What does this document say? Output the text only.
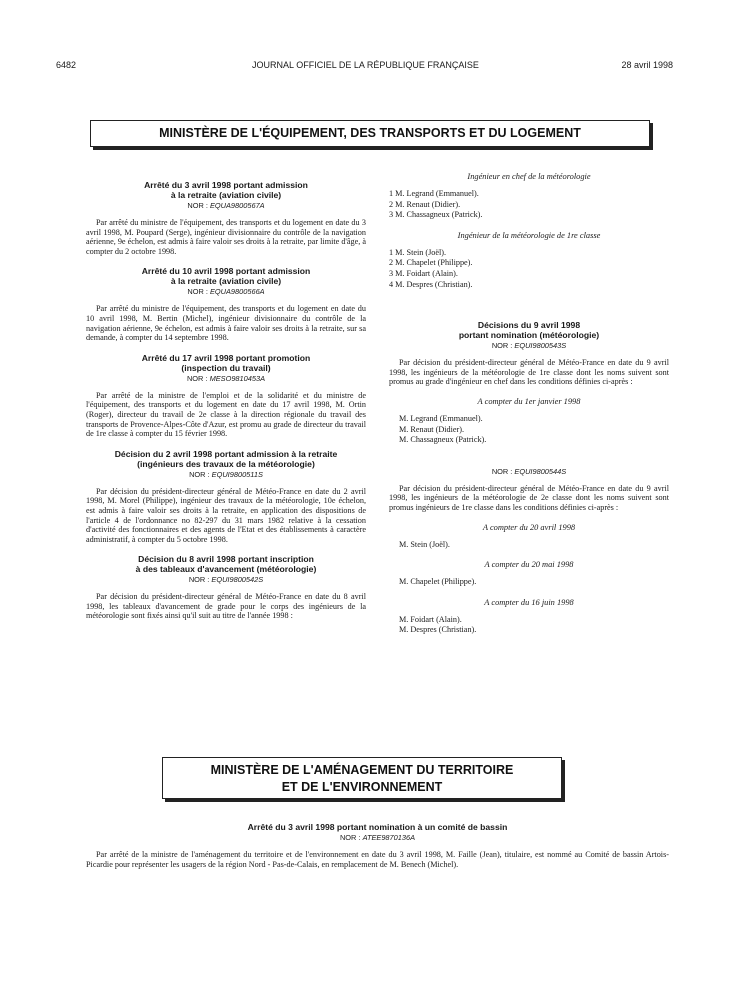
6482	JOURNAL OFFICIEL DE LA RÉPUBLIQUE FRANÇAISE	28 avril 1998
MINISTÈRE DE L'ÉQUIPEMENT, DES TRANSPORTS ET DU LOGEMENT
Arrêté du 3 avril 1998 portant admission
à la retraite (aviation civile)
NOR : EQUA9800567A

Par arrêté du ministre de l'équipement, des transports et du logement en date du 3 avril 1998, M. Poupard (Serge), ingénieur divisionnaire du contrôle de la navigation aérienne, 9e échelon, est admis à faire valoir ses droits à la retraite, par limite d'âge, à compter du 2 octobre 1998.

Arrêté du 10 avril 1998 portant admission
à la retraite (aviation civile)
NOR : EQUA9800566A

Par arrêté du ministre de l'équipement, des transports et du logement en date du 10 avril 1998, M. Bertin (Michel), ingénieur divisionnaire du contrôle de la navigation aérienne, 9e échelon, est admis à faire valoir ses droits à la retraite, sur sa demande, à compter du 14 septembre 1998.

Arrêté du 17 avril 1998 portant promotion
(inspection du travail)
NOR : MESO9810453A

Par arrêté de la ministre de l'emploi et de la solidarité et du ministre de l'équipement, des transports et du logement en date du 17 avril 1998, M. Ortin (Roger), directeur du travail de 2e classe à la direction régionale du travail des transports de Provence-Alpes-Côte d'Azur, est promu au grade de directeur du travail de 1re classe à compter du 15 février 1998.

Décision du 2 avril 1998 portant admission à la retraite
(ingénieurs des travaux de la météorologie)
NOR : EQUI9800511S

Par décision du président-directeur général de Météo-France en date du 2 avril 1998, M. Morel (Philippe), ingénieur des travaux de la météorologie, 10e échelon, est admis à faire valoir ses droits à la retraite, en application des dispositions de l'article 4 de l'ordonnance no 82-297 du 31 mars 1982 relative à la cessation d'activité des fonctionnaires et des agents de l'Etat et des établissements à caractère administratif, à compter du 5 octobre 1998.

Décision du 8 avril 1998 portant inscription
à des tableaux d'avancement (météorologie)
NOR : EQUI9800542S

Par décision du président-directeur général de Météo-France en date du 8 avril 1998, les tableaux d'avancement de grade pour le corps des ingénieurs de la météorologie sont fixés ainsi qu'il suit au titre de l'année 1998 :

Ingénieur en chef de la météorologie
1 M. Legrand (Emmanuel).
2 M. Renaut (Didier).
3 M. Chassagneux (Patrick).
Ingénieur de la météorologie de 1re classe
1 M. Stein (Joël).
2 M. Chapelet (Philippe).
3 M. Foidart (Alain).
4 M. Despres (Christian).
Décisions du 9 avril 1998
portant nomination (météorologie)
NOR : EQUI9800543S

Par décision du président-directeur général de Météo-France en date du 9 avril 1998, les ingénieurs de la météorologie de 1re classe dont les noms suivent sont promus au grade d'ingénieur en chef dans les conditions définies ci-après :

A compter du 1er janvier 1998
M. Legrand (Emmanuel).
M. Renaut (Didier).
M. Chassagneux (Patrick).
NOR : EQUI9800544S

Par décision du président-directeur général de Météo-France en date du 9 avril 1998, les ingénieurs de la météorologie de 2e classe dont les noms suivent sont promus ingénieurs de 1re classe dans les conditions définies ci-après :

A compter du 20 avril 1998
M. Stein (Joël).
A compter du 20 mai 1998
M. Chapelet (Philippe).
A compter du 16 juin 1998
M. Foidart (Alain).
M. Despres (Christian).
MINISTÈRE DE L'AMÉNAGEMENT DU TERRITOIRE
ET DE L'ENVIRONNEMENT
Arrêté du 3 avril 1998 portant nomination à un comité de bassin
NOR : ATEE9870136A

Par arrêté de la ministre de l'aménagement du territoire et de l'environnement en date du 3 avril 1998, M. Faille (Jean), titulaire, est nommé au Comité de bassin Artois-Picardie pour représenter les usagers de la région Nord - Pas-de-Calais, en remplacement de M. Benech (Michel).
